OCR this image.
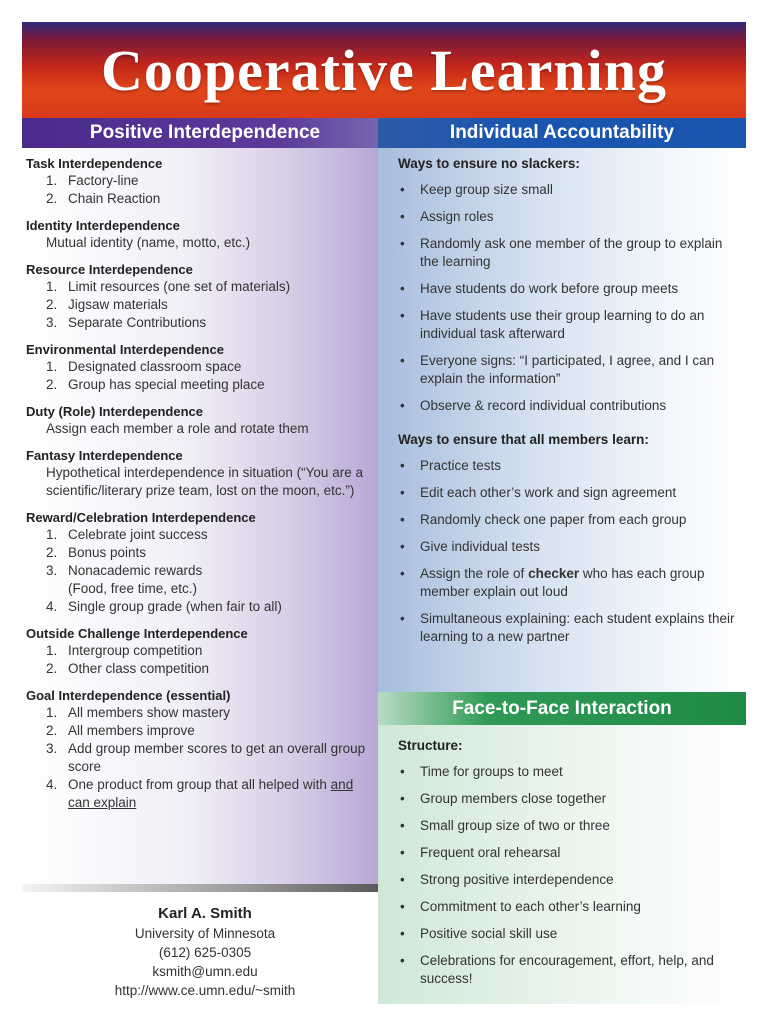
Cooperative Learning
Positive Interdependence	Individual Accountability
Face-to-Face Interaction
Task Interdependence
1. Factory-line
2. Chain Reaction
Identity Interdependence
Mutual identity (name, motto, etc.)
Resource Interdependence
1. Limit resources (one set of materials)
2. Jigsaw materials
3. Separate Contributions
Environmental Interdependence
1. Designated classroom space
2. Group has special meeting place
Duty (Role) Interdependence
Assign each member a role and rotate them
Fantasy Interdependence
Hypothetical interdependence in situation (“You are a scientific/literary prize team, lost on the moon, etc.”)
Reward/Celebration Interdependence
1. Celebrate joint success
2. Bonus points
3. Nonacademic rewards
(Food, free time, etc.)
4. Single group grade (when fair to all)
Outside Challenge Interdependence
1. Intergroup competition
2. Other class competition
Goal Interdependence (essential)
1. All members show mastery
2. All members improve
3. Add group member scores to get an overall group score
4. One product from group that all helped with and can explain
Ways to ensure no slackers:
•	Keep group size small
•	Assign roles
•	Randomly ask one member of the group to explain the learning
•	Have students do work before group meets
•	Have students use their group learning to do an individual task afterward
•	Everyone signs: “I participated, I agree, and I can explain the information”
•	Observe & record individual contributions
Ways to ensure that all members learn:
•	Practice tests
•	Edit each other’s work and sign agreement
•	Randomly check one paper from each group
•	Give individual tests
•	Assign the role of checker who has each group member explain out loud
•	Simultaneous explaining: each student explains their learning to a new partner
Structure:
•	Time for groups to meet
•	Group members close together
•	Small group size of two or three
•	Frequent oral rehearsal
•	Strong positive interdependence
•	Commitment to each other’s learning
•	Positive social skill use
•	Celebrations for encouragement, effort, help, and success!
Karl A. Smith
University of Minnesota
(612) 625-0305
ksmith@umn.edu
http://www.ce.umn.edu/~smith
